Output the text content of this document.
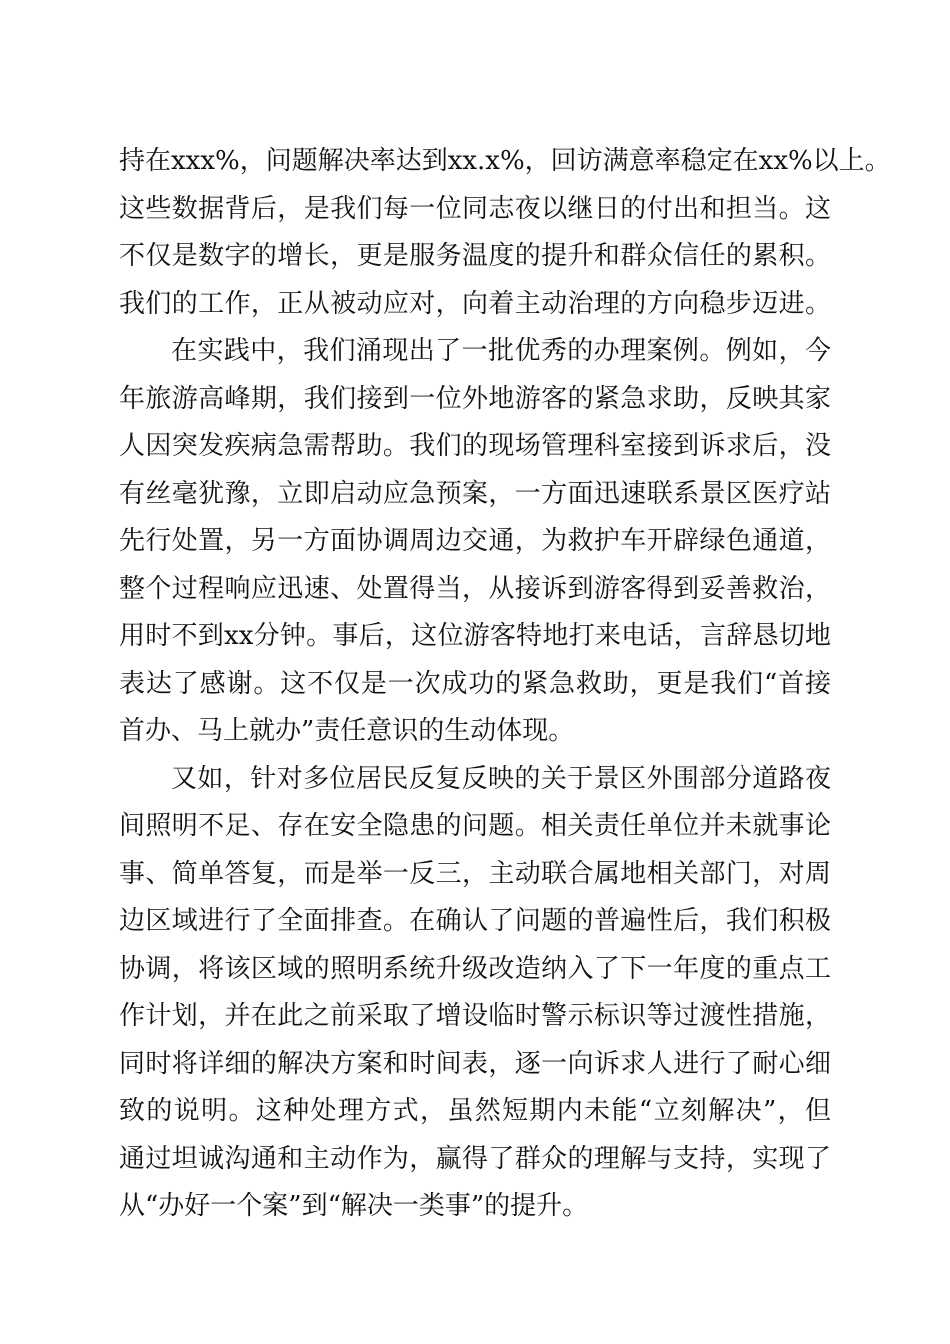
持在xxx%，问题解决率达到xx.x%，回访满意率稳定在xx%以上。
这些数据背后，是我们每一位同志夜以继日的付出和担当。这
不仅是数字的增长，更是服务温度的提升和群众信任的累积。
我们的工作，正从被动应对，向着主动治理的方向稳步迈进。
在实践中，我们涌现出了一批优秀的办理案例。例如，今
年旅游高峰期，我们接到一位外地游客的紧急求助，反映其家
人因突发疾病急需帮助。我们的现场管理科室接到诉求后，没
有丝毫犹豫，立即启动应急预案，一方面迅速联系景区医疗站
先行处置，另一方面协调周边交通，为救护车开辟绿色通道，
整个过程响应迅速、处置得当，从接诉到游客得到妥善救治，
用时不到xx分钟。事后，这位游客特地打来电话，言辞恳切地
表达了感谢。这不仅是一次成功的紧急救助，更是我们“首接
首办、马上就办”责任意识的生动体现。
又如，针对多位居民反复反映的关于景区外围部分道路夜
间照明不足、存在安全隐患的问题。相关责任单位并未就事论
事、简单答复，而是举一反三，主动联合属地相关部门，对周
边区域进行了全面排查。在确认了问题的普遍性后，我们积极
协调，将该区域的照明系统升级改造纳入了下一年度的重点工
作计划，并在此之前采取了增设临时警示标识等过渡性措施，
同时将详细的解决方案和时间表，逐一向诉求人进行了耐心细
致的说明。这种处理方式，虽然短期内未能“立刻解决”，但
通过坦诚沟通和主动作为，赢得了群众的理解与支持，实现了
从“办好一个案”到“解决一类事”的提升。
